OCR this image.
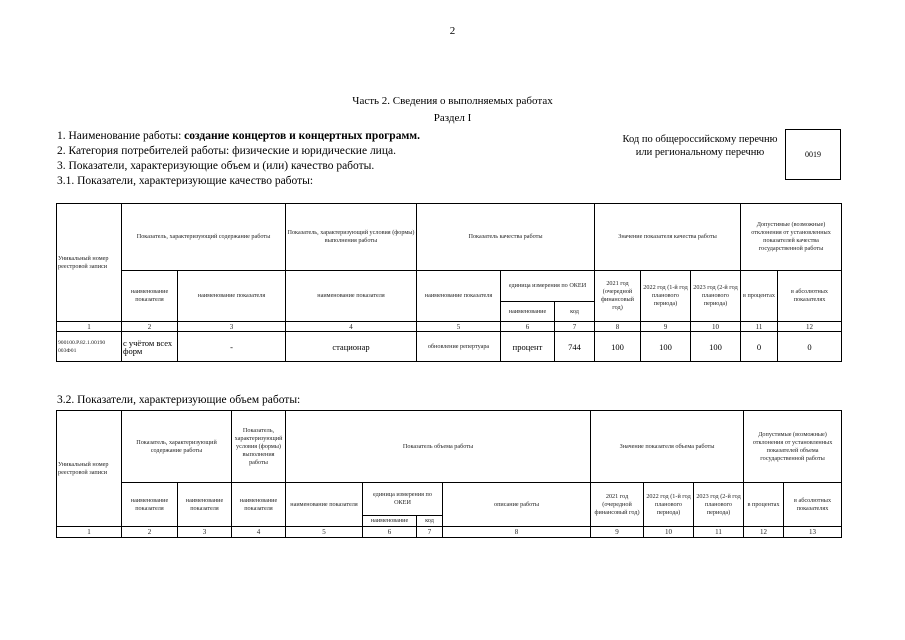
2
Часть 2. Сведения о выполняемых работах
Раздел I
1. Наименование работы: создание концертов и концертных программ.
2. Категория потребителей работы: физические и юридические лица.
3. Показатели, характеризующие объем и (или) качество работы.
3.1. Показатели, характеризующие качество работы:
Код по общероссийскому перечню или региональному перечню	0019
Уникальный номер реестровой записи	Показатель, характеризующий содержание работы		Показатель, характеризующий условия (формы) выполнения работы	Показатель качества работы			Значение показателя качества работы			Допустимые (возможные) отклонения от установленных показателей качества государственной работы	
	наименование показателя	наименование показателя	наименование показателя	наименование показателя	единица измерения по ОКЕИ		2021 год (очередной финансовый год)	2022 год (1-й год планового периода)	2023 год (2-й год планового периода)	в процентах	в абсолютных показателях
					наименование	код					
1	2	3	4	5	6	7	8	9	10	11	12
900100.Р.82.1.00190 003Ф01	с учётом всех форм	-	стационар	обновление репертуара	процент	744	100	100	100	0	0
3.2. Показатели, характеризующие объем работы:
Уникальный номер реестровой записи	Показатель, характеризующий содержание работы		Показатель, характеризующий условия (формы) выполнения работы	Показатель объема работы				Значение показателя объема работы			Допустимые (возможные) отклонения от установленных показателей объема государственной работы	
	наименование показателя	наименование показателя	наименование показателя	наименование показателя	единица измерения по ОКЕИ		описание работы	2021 год (очередной финансовый год)	2022 год (1-й год планового периода)	2023 год (2-й год планового периода)	в процентах	в абсолютных показателях
					наименование	код						
1	2	3	4	5	6	7	8	9	10	11	12	13
